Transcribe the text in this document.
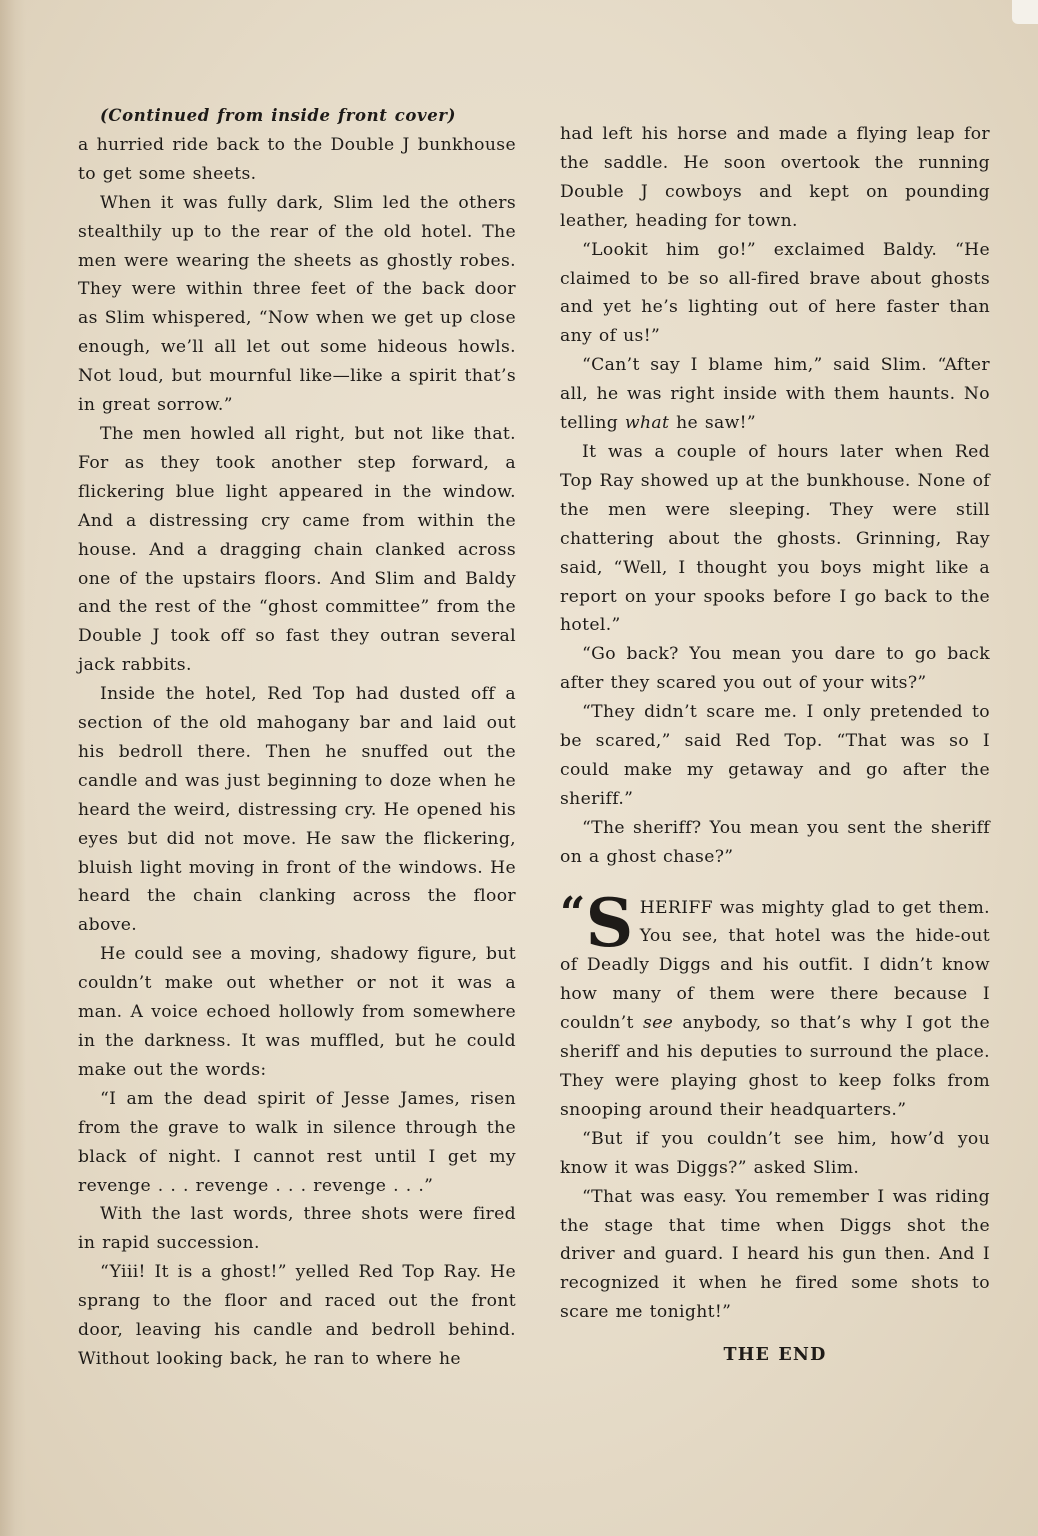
(Continued from inside front cover)

a hurried ride back to the Double J bunkhouse to get some sheets.

When it was fully dark, Slim led the others stealthily up to the rear of the old hotel. The men were wearing the sheets as ghostly robes. They were within three feet of the back door as Slim whispered, “Now when we get up close enough, we’ll all let out some hideous howls. Not loud, but mournful like—like a spirit that’s in great sorrow.”

The men howled all right, but not like that. For as they took another step forward, a flickering blue light appeared in the window. And a distressing cry came from within the house. And a dragging chain clanked across one of the upstairs floors. And Slim and Baldy and the rest of the “ghost committee” from the Double J took off so fast they outran several jack rabbits.

Inside the hotel, Red Top had dusted off a section of the old mahogany bar and laid out his bedroll there. Then he snuffed out the candle and was just beginning to doze when he heard the weird, distressing cry. He opened his eyes but did not move. He saw the flickering, bluish light moving in front of the windows. He heard the chain clanking across the floor above.

He could see a moving, shadowy figure, but couldn’t make out whether or not it was a man. A voice echoed hollowly from somewhere in the darkness. It was muffled, but he could make out the words:

“I am the dead spirit of Jesse James, risen from the grave to walk in silence through the black of night. I cannot rest until I get my revenge . . . revenge . . . revenge . . .”

With the last words, three shots were fired in rapid succession.

“Yiii! It is a ghost!” yelled Red Top Ray. He sprang to the floor and raced out the front door, leaving his candle and bedroll behind. Without looking back, he ran to where he

had left his horse and made a flying leap for the saddle. He soon overtook the running Double J cowboys and kept on pounding leather, heading for town.

“Lookit him go!” exclaimed Baldy. “He claimed to be so all-fired brave about ghosts and yet he’s lighting out of here faster than any of us!”

“Can’t say I blame him,” said Slim. “After all, he was right inside with them haunts. No telling what he saw!”

It was a couple of hours later when Red Top Ray showed up at the bunkhouse. None of the men were sleeping. They were still chattering about the ghosts. Grinning, Ray said, “Well, I thought you boys might like a report on your spooks before I go back to the hotel.”

“Go back? You mean you dare to go back after they scared you out of your wits?”

“They didn’t scare me. I only pretended to be scared,” said Red Top. “That was so I could make my getaway and go after the sheriff.”

“The sheriff? You mean you sent the sheriff on a ghost chase?”

“ S HERIFF was mighty glad to get them. You see, that hotel was the hide-out of Deadly Diggs and his outfit. I didn’t know how many of them were there because I couldn’t see anybody, so that’s why I got the sheriff and his deputies to surround the place. They were playing ghost to keep folks from snooping around their headquarters.”

“But if you couldn’t see him, how’d you know it was Diggs?” asked Slim.

“That was easy. You remember I was riding the stage that time when Diggs shot the driver and guard. I heard his gun then. And I recognized it when he fired some shots to scare me tonight!”

THE END
